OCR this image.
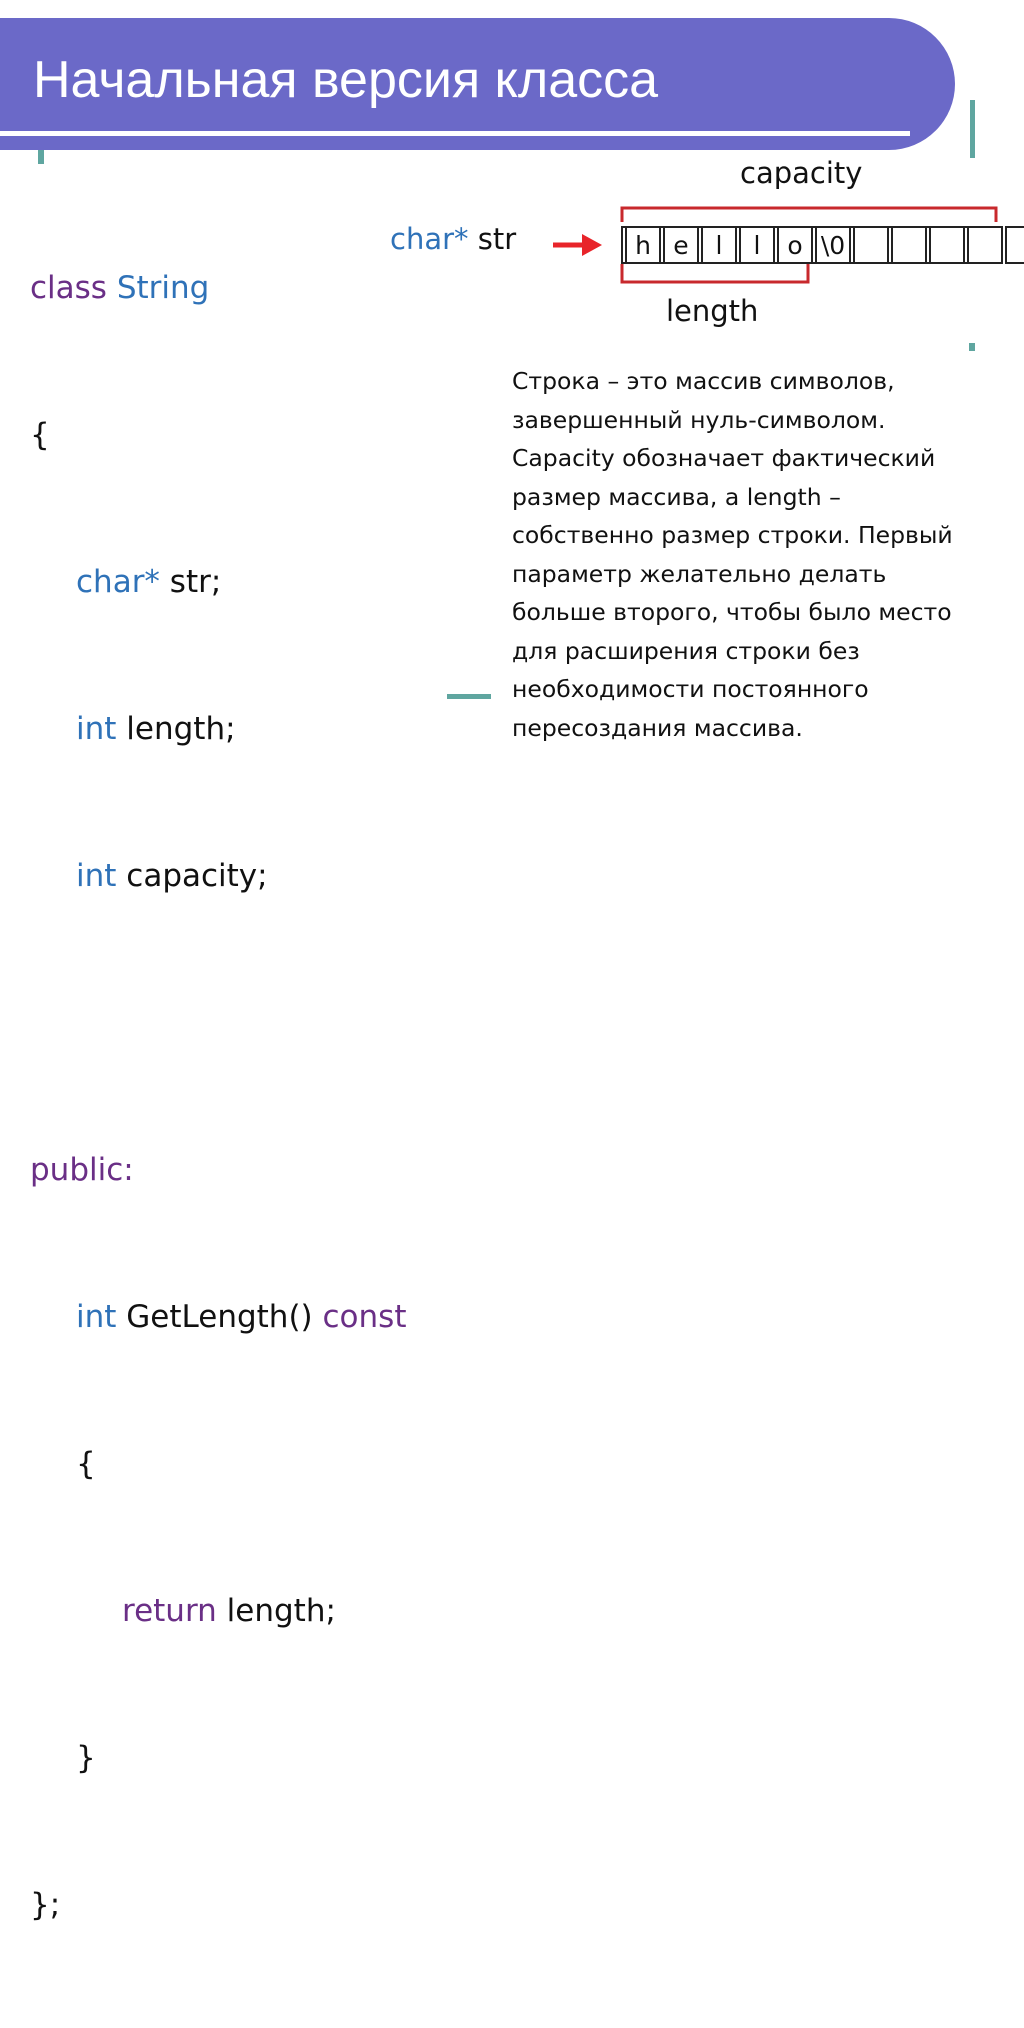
Начальная версия класса

class String

{

char* str;

int length;

int capacity;

public:

int GetLength() const

{

return length;

}

};

char* str
capacity
length
h e l l o \0
Строка – это массив символов,
завершенный нуль-символом.
Capacity обозначает фактический
размер массива, а length –
собственно размер строки. Первый
параметр желательно делать
больше второго, чтобы было место
для расширения строки без
необходимости постоянного
пересоздания массива.
